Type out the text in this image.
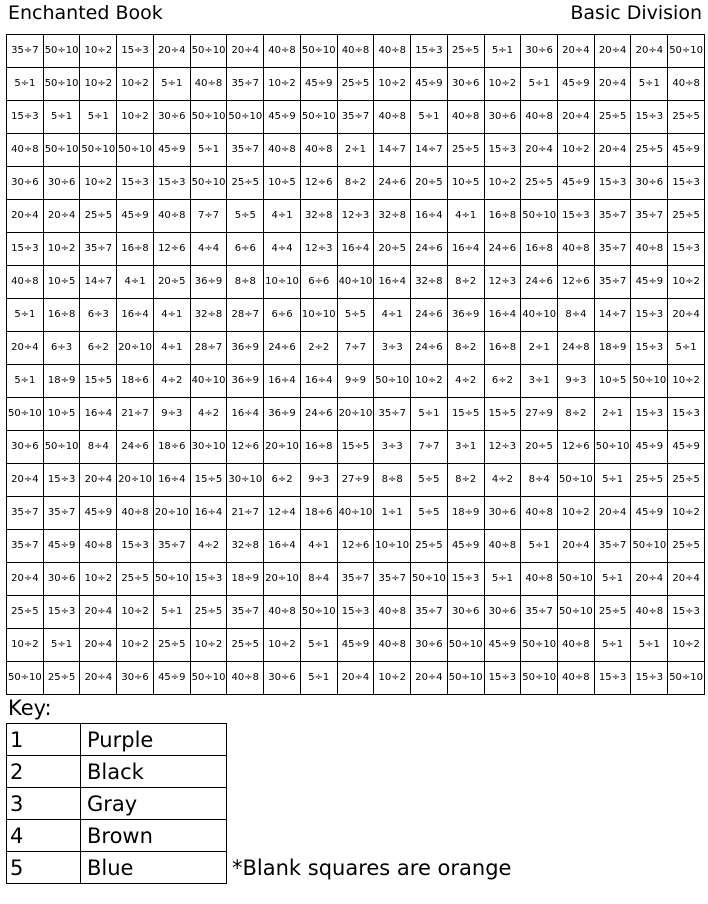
Enchanted Book	Basic Division
35÷7	50÷10	10÷2	15÷3	20÷4	50÷10	20÷4	40÷8	50÷10	40÷8	40÷8	15÷3	25÷5	5÷1	30÷6	20÷4	20÷4	20÷4	50÷10
5÷1	50÷10	10÷2	10÷2	5÷1	40÷8	35÷7	10÷2	45÷9	25÷5	10÷2	45÷9	30÷6	10÷2	5÷1	45÷9	20÷4	5÷1	40÷8
15÷3	5÷1	5÷1	10÷2	30÷6	50÷10	50÷10	45÷9	50÷10	35÷7	40÷8	5÷1	40÷8	30÷6	40÷8	20÷4	25÷5	15÷3	25÷5
40÷8	50÷10	50÷10	50÷10	45÷9	5÷1	35÷7	40÷8	40÷8	2÷1	14÷7	14÷7	25÷5	15÷3	20÷4	10÷2	20÷4	25÷5	45÷9
30÷6	30÷6	10÷2	15÷3	15÷3	50÷10	25÷5	10÷5	12÷6	8÷2	24÷6	20÷5	10÷5	10÷2	25÷5	45÷9	15÷3	30÷6	15÷3
20÷4	20÷4	25÷5	45÷9	40÷8	7÷7	5÷5	4÷1	32÷8	12÷3	32÷8	16÷4	4÷1	16÷8	50÷10	15÷3	35÷7	35÷7	25÷5
15÷3	10÷2	35÷7	16÷8	12÷6	4÷4	6÷6	4÷4	12÷3	16÷4	20÷5	24÷6	16÷4	24÷6	16÷8	40÷8	35÷7	40÷8	15÷3
40÷8	10÷5	14÷7	4÷1	20÷5	36÷9	8÷8	10÷10	6÷6	40÷10	16÷4	32÷8	8÷2	12÷3	24÷6	12÷6	35÷7	45÷9	10÷2
5÷1	16÷8	6÷3	16÷4	4÷1	32÷8	28÷7	6÷6	10÷10	5÷5	4÷1	24÷6	36÷9	16÷4	40÷10	8÷4	14÷7	15÷3	20÷4
20÷4	6÷3	6÷2	20÷10	4÷1	28÷7	36÷9	24÷6	2÷2	7÷7	3÷3	24÷6	8÷2	16÷8	2÷1	24÷8	18÷9	15÷3	5÷1
5÷1	18÷9	15÷5	18÷6	4÷2	40÷10	36÷9	16÷4	16÷4	9÷9	50÷10	10÷2	4÷2	6÷2	3÷1	9÷3	10÷5	50÷10	10÷2
50÷10	10÷5	16÷4	21÷7	9÷3	4÷2	16÷4	36÷9	24÷6	20÷10	35÷7	5÷1	15÷5	15÷5	27÷9	8÷2	2÷1	15÷3	15÷3
30÷6	50÷10	8÷4	24÷6	18÷6	30÷10	12÷6	20÷10	16÷8	15÷5	3÷3	7÷7	3÷1	12÷3	20÷5	12÷6	50÷10	45÷9	45÷9
20÷4	15÷3	20÷4	20÷10	16÷4	15÷5	30÷10	6÷2	9÷3	27÷9	8÷8	5÷5	8÷2	4÷2	8÷4	50÷10	5÷1	25÷5	25÷5
35÷7	35÷7	45÷9	40÷8	20÷10	16÷4	21÷7	12÷4	18÷6	40÷10	1÷1	5÷5	18÷9	30÷6	40÷8	10÷2	20÷4	45÷9	10÷2
35÷7	45÷9	40÷8	15÷3	35÷7	4÷2	32÷8	16÷4	4÷1	12÷6	10÷10	25÷5	45÷9	40÷8	5÷1	20÷4	35÷7	50÷10	25÷5
20÷4	30÷6	10÷2	25÷5	50÷10	15÷3	18÷9	20÷10	8÷4	35÷7	35÷7	50÷10	15÷3	5÷1	40÷8	50÷10	5÷1	20÷4	20÷4
25÷5	15÷3	20÷4	10÷2	5÷1	25÷5	35÷7	40÷8	50÷10	15÷3	40÷8	35÷7	30÷6	30÷6	35÷7	50÷10	25÷5	40÷8	15÷3
10÷2	5÷1	20÷4	10÷2	25÷5	10÷2	25÷5	10÷2	5÷1	45÷9	40÷8	30÷6	50÷10	45÷9	50÷10	40÷8	5÷1	5÷1	10÷2
50÷10	25÷5	20÷4	30÷6	45÷9	50÷10	40÷8	30÷6	5÷1	20÷4	10÷2	20÷4	50÷10	15÷3	50÷10	40÷8	15÷3	15÷3	50÷10
Key:
1	Purple
2	Black
3	Gray
4	Brown
5	Blue	*Blank squares are orange
